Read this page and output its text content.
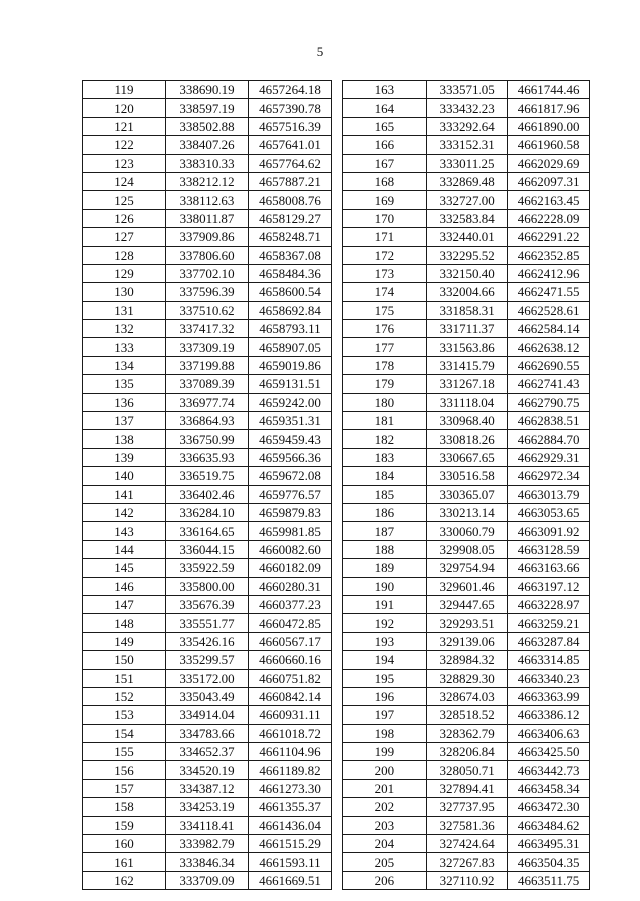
5
119	338690.19	4657264.18
120	338597.19	4657390.78
121	338502.88	4657516.39
122	338407.26	4657641.01
123	338310.33	4657764.62
124	338212.12	4657887.21
125	338112.63	4658008.76
126	338011.87	4658129.27
127	337909.86	4658248.71
128	337806.60	4658367.08
129	337702.10	4658484.36
130	337596.39	4658600.54
131	337510.62	4658692.84
132	337417.32	4658793.11
133	337309.19	4658907.05
134	337199.88	4659019.86
135	337089.39	4659131.51
136	336977.74	4659242.00
137	336864.93	4659351.31
138	336750.99	4659459.43
139	336635.93	4659566.36
140	336519.75	4659672.08
141	336402.46	4659776.57
142	336284.10	4659879.83
143	336164.65	4659981.85
144	336044.15	4660082.60
145	335922.59	4660182.09
146	335800.00	4660280.31
147	335676.39	4660377.23
148	335551.77	4660472.85
149	335426.16	4660567.17
150	335299.57	4660660.16
151	335172.00	4660751.82
152	335043.49	4660842.14
153	334914.04	4660931.11
154	334783.66	4661018.72
155	334652.37	4661104.96
156	334520.19	4661189.82
157	334387.12	4661273.30
158	334253.19	4661355.37
159	334118.41	4661436.04
160	333982.79	4661515.29
161	333846.34	4661593.11
162	333709.09	4661669.51
163	333571.05	4661744.46
164	333432.23	4661817.96
165	333292.64	4661890.00
166	333152.31	4661960.58
167	333011.25	4662029.69
168	332869.48	4662097.31
169	332727.00	4662163.45
170	332583.84	4662228.09
171	332440.01	4662291.22
172	332295.52	4662352.85
173	332150.40	4662412.96
174	332004.66	4662471.55
175	331858.31	4662528.61
176	331711.37	4662584.14
177	331563.86	4662638.12
178	331415.79	4662690.55
179	331267.18	4662741.43
180	331118.04	4662790.75
181	330968.40	4662838.51
182	330818.26	4662884.70
183	330667.65	4662929.31
184	330516.58	4662972.34
185	330365.07	4663013.79
186	330213.14	4663053.65
187	330060.79	4663091.92
188	329908.05	4663128.59
189	329754.94	4663163.66
190	329601.46	4663197.12
191	329447.65	4663228.97
192	329293.51	4663259.21
193	329139.06	4663287.84
194	328984.32	4663314.85
195	328829.30	4663340.23
196	328674.03	4663363.99
197	328518.52	4663386.12
198	328362.79	4663406.63
199	328206.84	4663425.50
200	328050.71	4663442.73
201	327894.41	4663458.34
202	327737.95	4663472.30
203	327581.36	4663484.62
204	327424.64	4663495.31
205	327267.83	4663504.35
206	327110.92	4663511.75
